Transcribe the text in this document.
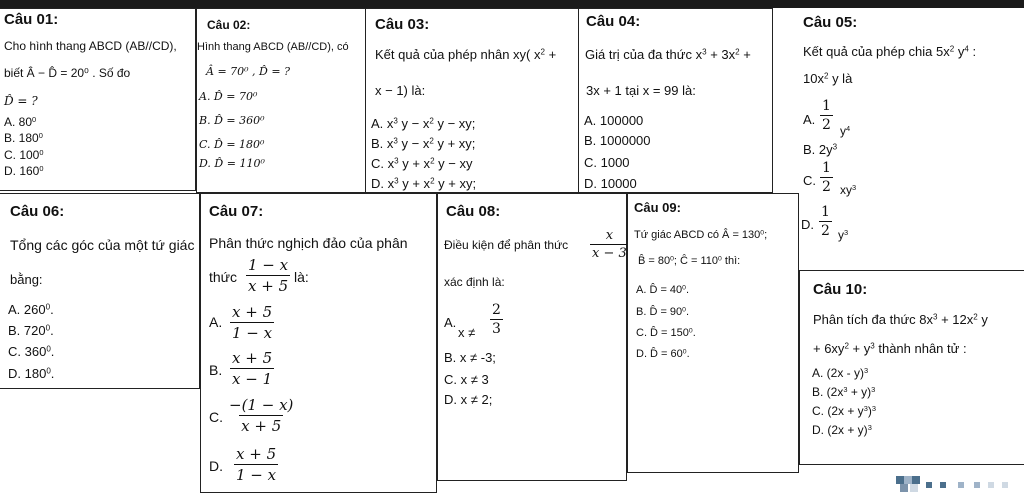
Câu 01:
Cho hình thang ABCD (AB//CD),
biết Â − D̂ = 20⁰ . Số đo
D̂ = ?
A. $80^0$
B. $180^0$
C. $100^0$
D. $160^0$
Câu 02:
Hình thang ABCD (AB//CD), có
Â = 70⁰ , D̂ = ?
A. D̂ = 70⁰
B. D̂ = 360⁰
C. D̂ = 180⁰
D. D̂ = 110⁰
Câu 03:
Kết quả của phép nhân xy( $x^2$ +
x − 1) là:
A. $x^3$ $y - x^2$ y − xy;
B. $x^3$ $y - x^2$ y + xy;
C. $x^3$ $y + x^2$ y − xy
D. $x^3$ $y + x^2$ y + xy;
Câu 04:
Giá trị của đa thức $x^3 + 3x^2$ +
3x + 1 tại x = 99 là:
A. 100000
B. 1000000
C. 1000
D. 10000
Câu 05:
Kết quả của phép chia $5x^2$ $y^4$ :
$10x^2$ y là
A. $\frac{1}{2} y^4$
B. $2y^3$
C. $\frac{1}{2} xy^3$
Câu 06:
Tổng các góc của một tứ giác
bằng:
A. $260^0$.
B. $720^0$.
C. $360^0$.
D. $180^0$.
Câu 07:
Phân thức nghịch đảo của phân
thức $\frac{1 - x}{x + 5}$ là:
A. $\frac{x + 5}{1 - x}$
B. $\frac{x + 5}{x - 1}$
C. $\frac{-(1 - x)}{x + 5}$
D. $\frac{x + 5}{1 - x}$
Câu 08:
Điều kiện để phân thức $\frac{x}{x - 3}$
xác định là:
A.
$x \ne \frac{2}{3}$
B. x ≠ -3;
C. x ≠ 3
D. x ≠ 2;
Câu 09:
Tứ giác ABCD có Â = $130^0$;
B̂ = $80^0$; Ĉ = $110^0$ thì:
A. D̂ = $40^0$.
B. D̂ = $90^0$.
C. D̂ = $150^0$.
D. D̂ = $60^0$.
D. $\frac{1}{2} y^3$
Câu 10:
Phân tích đa thức $8x^3 + 12x^2$ y
+ $6xy^2 + y^3$ thành nhân tử :
A. (2x - y)$^3$
B. $(2x^3 + y)^3$
C. $(2x + y^3)^3$
D. $(2x + y)^3$
